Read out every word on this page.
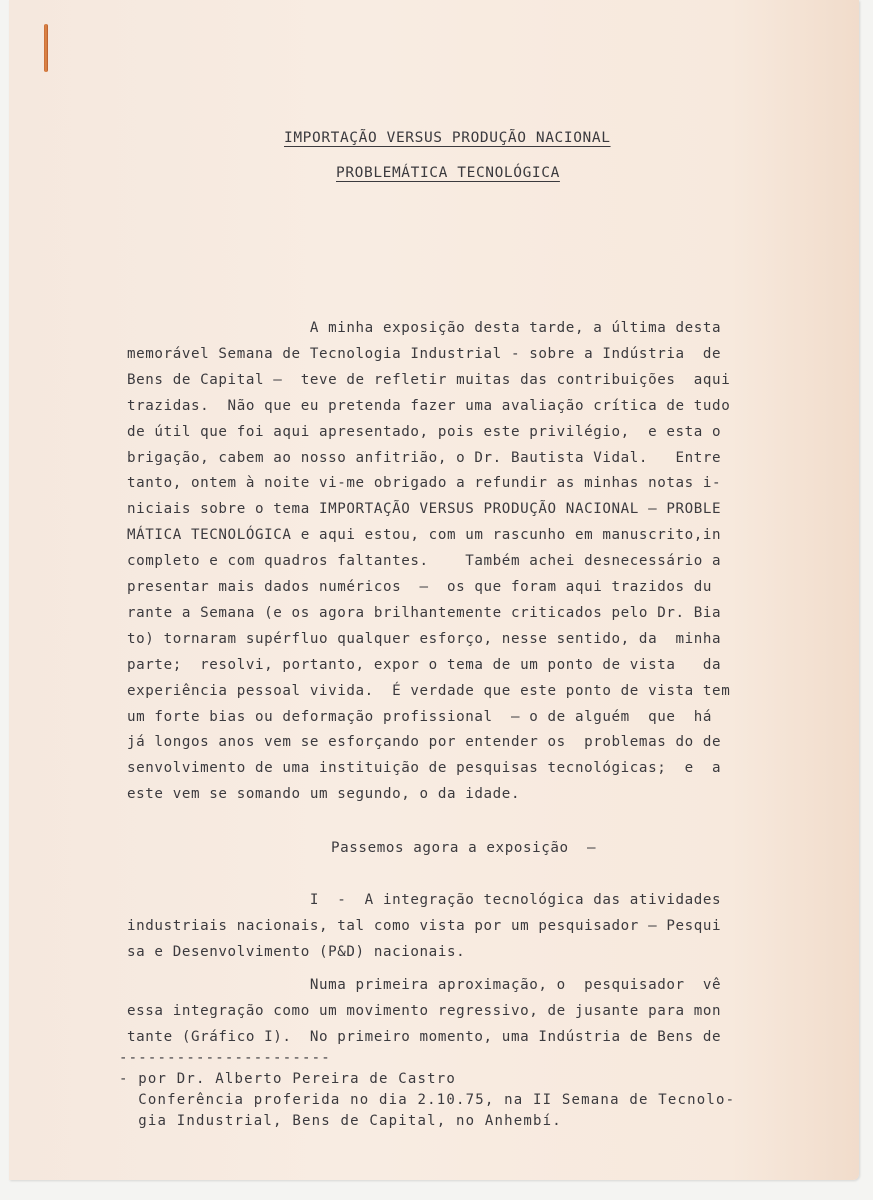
IMPORTAÇÃO VERSUS PRODUÇÃO NACIONAL
PROBLEMÁTICA TECNOLÓGICA
A minha exposição desta tarde, a última desta
memorável Semana de Tecnologia Industrial - sobre a Indústria  de
Bens de Capital —  teve de refletir muitas das contribuições  aqui
trazidas.  Não que eu pretenda fazer uma avaliação crítica de tudo
de útil que foi aqui apresentado, pois este privilégio,  e esta o
brigação, cabem ao nosso anfitrião, o Dr. Bautista Vidal.   Entre
tanto, ontem à noite vi-me obrigado a refundir as minhas notas i-
niciais sobre o tema IMPORTAÇÃO VERSUS PRODUÇÃO NACIONAL — PROBLE
MÁTICA TECNOLÓGICA e aqui estou, com um rascunho em manuscrito,in
completo e com quadros faltantes.    Também achei desnecessário a
presentar mais dados numéricos  —  os que foram aqui trazidos du
rante a Semana (e os agora brilhantemente criticados pelo Dr. Bia
to) tornaram supérfluo qualquer esforço, nesse sentido, da  minha
parte;  resolvi, portanto, expor o tema de um ponto de vista   da
experiência pessoal vivida.  É verdade que este ponto de vista tem
um forte bias ou deformação profissional  — o de alguém  que  há
já longos anos vem se esforçando por entender os  problemas do de
senvolvimento de uma instituição de pesquisas tecnológicas;  e  a
este vem se somando um segundo, o da idade.
Passemos agora a exposição  —
I  -  A integração tecnológica das atividades
industriais nacionais, tal como vista por um pesquisador — Pesqui
sa e Desenvolvimento (P&D) nacionais.
Numa primeira aproximação, o  pesquisador  vê
essa integração como um movimento regressivo, de jusante para mon
tante (Gráfico I).  No primeiro momento, uma Indústria de Bens de
----------------------
- por Dr. Alberto Pereira de Castro
Conferência proferida no dia 2.10.75, na II Semana de Tecnolo-
gia Industrial, Bens de Capital, no Anhembí.
